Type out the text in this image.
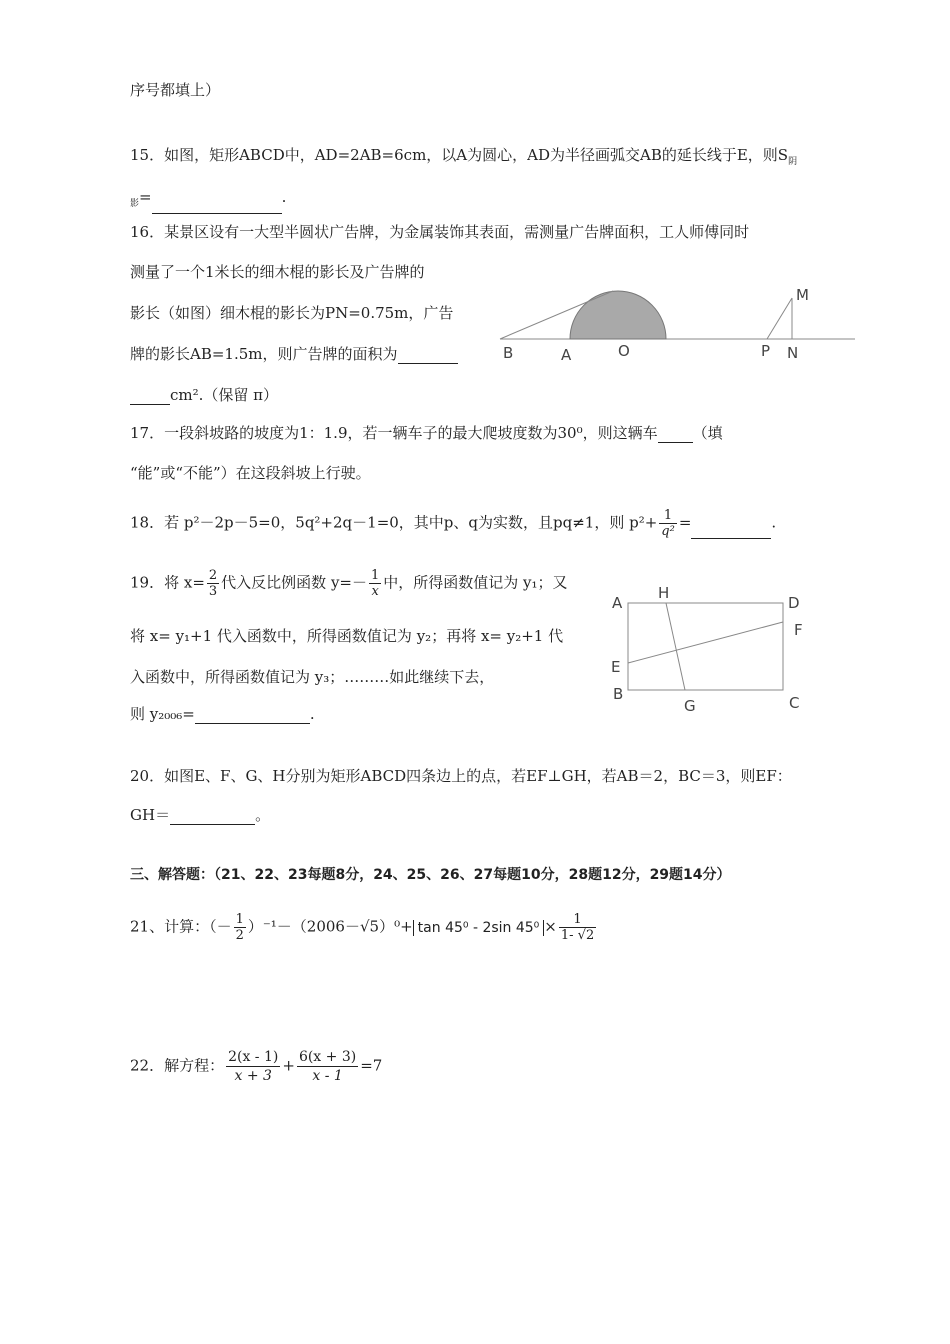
序号都填上）
15．如图，矩形ABCD中，AD=2AB=6cm，以A为圆心，AD为半径画弧交AB的延长线于E，则$S_阴$
$_影$=	.
16．某景区设有一大型半圆状广告牌，为金属装饰其表面，需测量广告牌面积，工人师傅同时
测量了一个1米长的细木棍的影长及广告牌的
影长（如图）细木棍的影长为PN=0.75m，广告
牌的影长AB=1.5m，则广告牌的面积为
cm².（保留 π）
B	A	O	P N
M
17．一段斜坡路的坡度为1：1.9，若一辆车子的最大爬坡度数为30⁰，则这辆车 （填
“能”或“不能”）在这段斜坡上行驶。
18．若 p²－2p－5=0，5q²+2q－1=0，其中p、q为实数，且pq≠1，则 $p^2+ \frac{1}{\text{q²}}$ =	.
19．将 $x= \frac{2}{3}$ 代入反比例函数 $y=- \frac{1}{x}$ 中，所得函数值记为 y₁；又
将 x= y₁+1 代入函数中，所得函数值记为 y₂；再将 x= y₂+1 代
入函数中，所得函数值记为 y₃；………如此继续下去，
则 y₂₀₀₆=	.
A
H
D
F
E
B
G	C
20．如图E、F、G、H分别为矩形ABCD四条边上的点，若EF⊥GH，若AB＝2，BC＝3，则EF：
GH＝	。
三、解答题：（21、22、23每题8分，24、25、26、27每题10分，28题12分，29题14分）
21、计算：（－ $\frac{1}{2} )^{-1}-(2006-√5)^0+ \tan 45^0 - 2\sin$ $45^0 \times \frac{1}{1- √2}$
22．解方程： $\frac{2(x - 1)}{x + 3} + \frac{6(x + 3)}{x - 1} =7$
